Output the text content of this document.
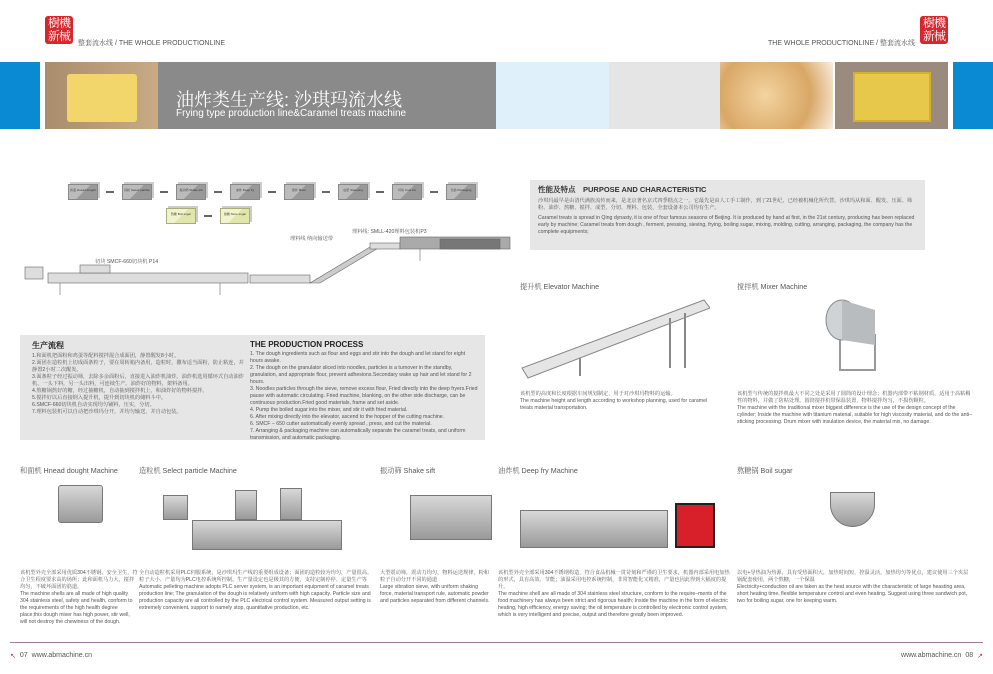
樹機
新械
整套流水线 / THE WHOLE PRODUCTIONLINE	THE WHOLE PRODUCTIONLINE / 整套流水线
樹機
新械
油炸类生产线: 沙琪玛流水线
Frying type production line&Caramel treats machine
和面 Hnead dought	造粒 Select particle	振动筛 Shake sift	油炸 Deep fry	搅拌 Mixer	成型 Stamping	切块 Cool cut	包装 Packaging
熬糖 Boil sugar	储糖 Store sugar
理料线: SMLL-420理料包装机P3
理料线 纳向输送带
切块 SMCF-660切块机 P14
性能及特点　PURPOSE AND CHARACTERISTIC
沙琪玛最早是由清代满族流传而来，是北京著名京式四季糕点之一。它最先是由人工手工制作，到了21世纪，已经被机械化所代替。沙琪玛从和面、醒发、压面、筛粉、油炸、熬糖、搅拌、成型、分切、理料、包装，全套设备本公司均有生产。
Caramel treats is spread in Qing dynasty, it is one of four famous seasons of Beijing. It is produced by hand at first, in the 21st century, producing has been replaced early by machine; Caramel treats from dough , ferment, pressing, sieving, frying, boiling sugar, mixing, molding, cutting, arranging, packaging, the company has the complete equipments;
生产流程
1.和面机把面粉和鸡蛋等配料搅拌混合成面团，静置醒发8小时。
2.面团在造粒机上切成面条粒子，要在周转箱内备用，造粒时，撒布适当面粉，防止粘连，并静置2小时二次醒发。
3.面条粒子经过振动筛，去除多余面粉后，直接进入油炸机油炸。油炸机选用循环式自动油炸机，一头下料，另一头出料，可连续生产。油炸好的物料，架料备用。
4.熬糖锅熬好的糖，经过抽糖机，自动抽到搅拌机上，和油炸好的物料搅拌。
5.搅拌好以后直接倒入提升机，提升到切块机的储料斗中。
6.SMCF-660切块机自动实现均匀铺料，压实，分切。
7.理料包装机可以自动把沙琪玛分开，并均匀输送，并自动包装。
THE PRODUCTION PROCESS
1. The dough ingredients such as flour and eggs and stir into the dough and let stand for eight hours awake.
2. The dough on the granulator sliced into noodles, particles is a turnover in the standby, granulation, and appropriate flour, prevent adhesions.Secondary wake up hair and let stand for 2 hours.
3. Noodles particles through the sieve, remove excess flour, Fried directly into the deep fryers.Fried pause with automatic circulating. Fried machine, blanking, on the other side discharge, can be continuous production.Fried good materials, frame and set aside.
4. Pump the boiled sugar into the mixer, and stir it with fried material.
6. After mixing directly into the elevator, ascend to the hopper of the cutting machine.
6. SMCF – 650 cutter automatically evenly spread , press, and cut the material.
7. Arranging & packaging machine can automatically separate the caramel treats, and uniform transmission, and automatic packaging.
提升机 Elevator Machine
该机型的高度和长度根据车间规划制定，用于对沙琪玛物料的运输。
The machine height and length according to workshop planning, used for caramel treats material transportation.
搅拌机 Mixer Machine
该机型与传统的搅拌机最大不同之处是采用了圆筒的设计理念；机器内部带不粘钢材质，适用于高粘稠性的物料，并做了防粘处理。圆筒搅拌机带保温装置，物料搅拌均匀，不损伤颗粒。
The machine with the traditional mixer biggest difference is the use of the design concept of the cylinder; Inside the machine with titanium material, suitable for high viscosity material, and do the anti–sticking processing. Drum mixer with insulation device, the material mix, no damage.
和面机 Hnead dought Machine
该机型外壳全部采用优质304不锈钢，安全卫生，符合卫生程度要求高的场所；此和面机马力大，搅拌均匀，不破坏面团的筋道。
The machine shells are all made of high quality 304 stainless steel, safety and health, conform to the requirements of the high health degree place;this dough mixer has high power, stir well, will not destroy the chewiness of the dough.
造粒机 Select particle Machine
全自动造粒机采用PLC伺服系统，是沙琪玛生产线的重要组成设备；面团的造粒较为均匀，产量很高。粒子大小、产量均为PLC电控系统所控制。生产量设定也是极其的方便，支持定制停停、定量生产等
Automatic pelleting machine adopts PLC server system, is an important equipment of caramel treats production line; The granulation of the dough is relatively uniform with high capacity. Particle size and production capacity are all controlled by the PLC electrical control system. Measured output setting is extremely convenient, support to namely stop, quantitative production, etc.
振动筛 Shake sift
大型震动筛，震动力均匀，物料运送规律，粉和粒子自动分开不同的通道
Large vibration sieve, with uniform shaking force, material transport rule, automatic powder and particles separated from different channels.
油炸机 Deep fry Machine
该机型外壳全部采用304不锈钢构造，符合食品机械一贯苛刻和严谨的卫生要求，机器内部采用电加热的形式，具有高效、节能；油温采用电控系统控制，非常智能化又精准，产量也因此得到大幅度的提升。
The machine shell are all made of 304 stainless steel structure, conform to the require–ments of the food machinery has always been strict and rigorous health; Inside the machine in the form of electric heating, high efficiency, energy saving; the oil temperature is controlled by electronic control system, which is very intelligent and precise, output and therefore greatly been improved.
熬糖锅 Boil sugar
以电+导热油为热源，具有受热面积大，加热时间短，控温灵活，加热均匀等优点，建议使用三个夹层锅配套使用，两个熬糖，一个保温
Electricity+conduction oil are taken as the heat source with the characteristic of large heasting area, short heating time, flexible temperature control and even heating. Suggest using three sandwich pot, two for boiling sugar, one for keeping warm.
↖ 07 www.abmachine.cn	www.abmachine.cn 08 ↗
